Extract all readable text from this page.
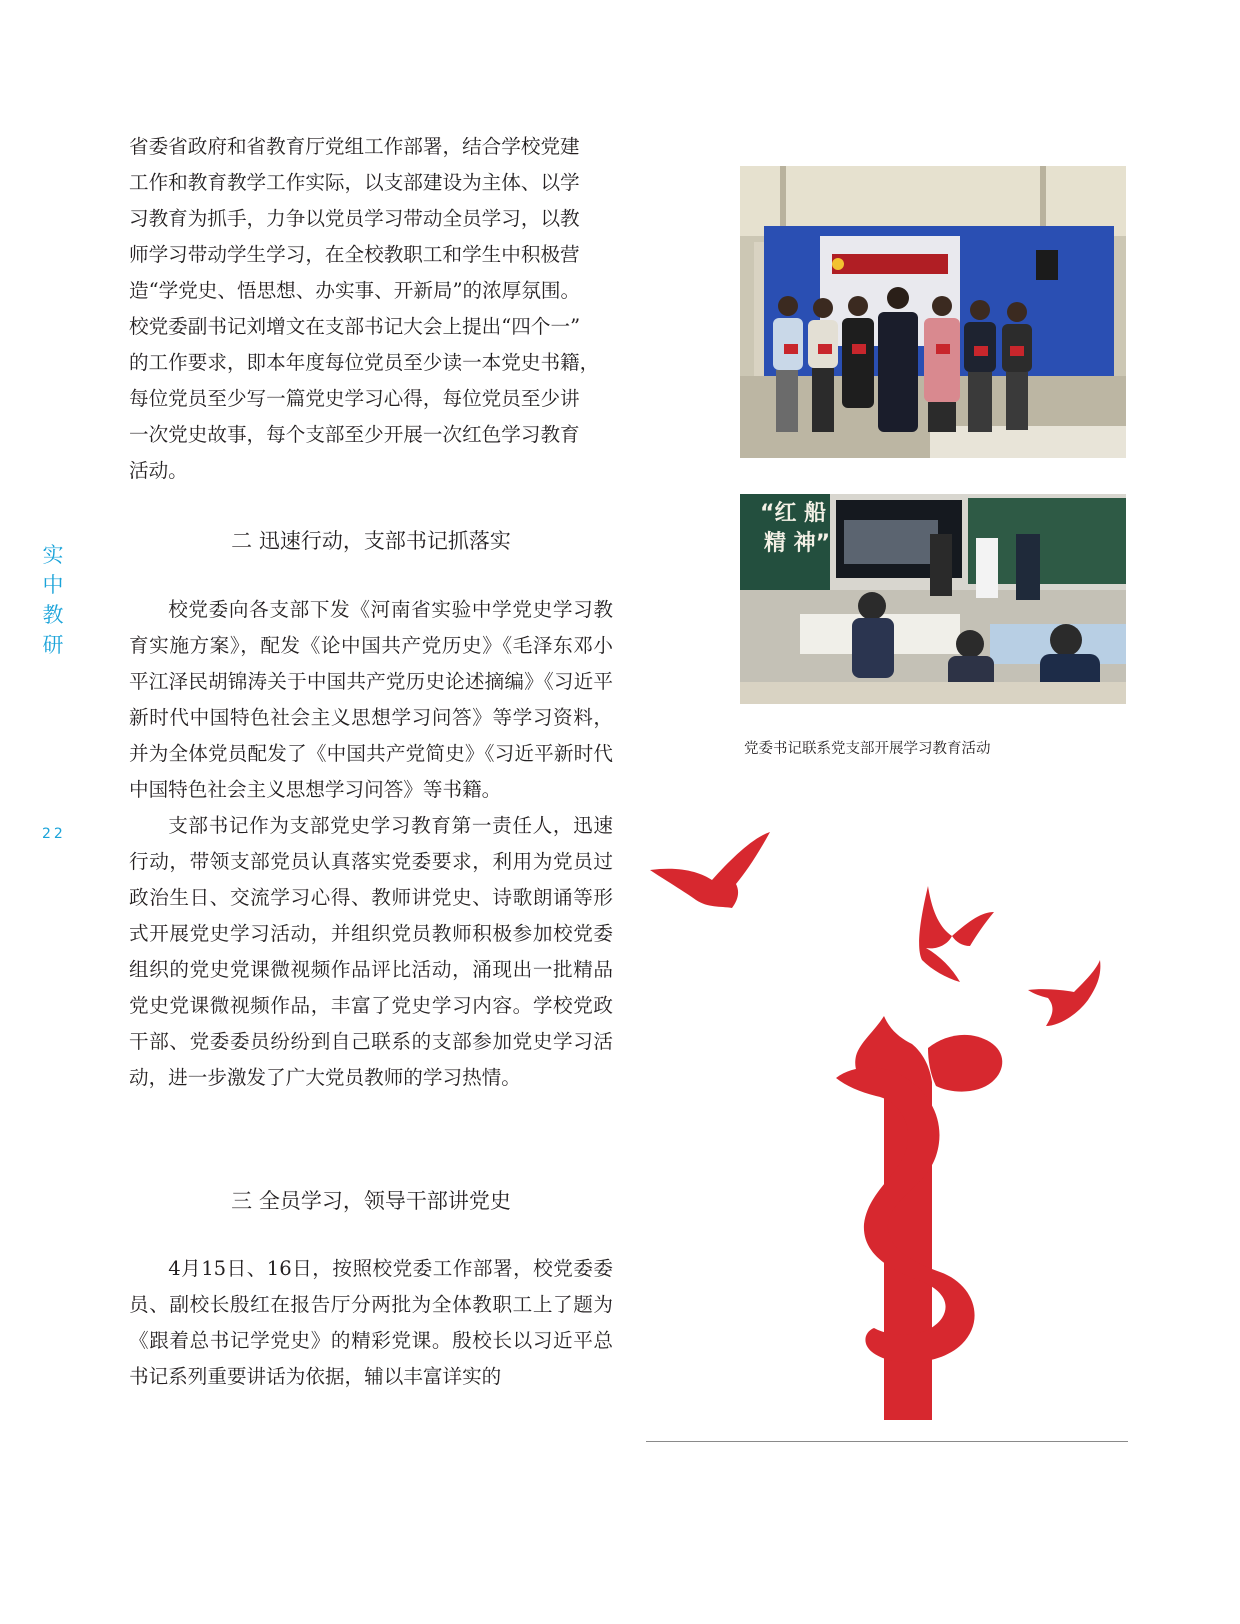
实
中
教
研
22

省委省政府和省教育厅党组工作部署，结合学校党建

工作和教育教学工作实际，以支部建设为主体、以学

习教育为抓手，力争以党员学习带动全员学习，以教

师学习带动学生学习，在全校教职工和学生中积极营

造“学党史、悟思想、办实事、开新局”的浓厚氛围。

校党委副书记刘增文在支部书记大会上提出“四个一”

的工作要求，即本年度每位党员至少读一本党史书籍，

每位党员至少写一篇党史学习心得，每位党员至少讲

一次党史故事，每个支部至少开展一次红色学习教育

活动。

二 迅速行动，支部书记抓落实

校党委向各支部下发《河南省实验中学党史学习教育实施方案》，配发《论中国共产党历史》《毛泽东邓小平江泽民胡锦涛关于中国共产党历史论述摘编》《习近平新时代中国特色社会主义思想学习问答》等学习资料，并为全体党员配发了《中国共产党简史》《习近平新时代中国特色社会主义思想学习问答》等书籍。

支部书记作为支部党史学习教育第一责任人，迅速行动，带领支部党员认真落实党委要求，利用为党员过政治生日、交流学习心得、教师讲党史、诗歌朗诵等形式开展党史学习活动，并组织党员教师积极参加校党委组织的党史党课微视频作品评比活动，涌现出一批精品党史党课微视频作品，丰富了党史学习内容。学校党政干部、党委委员纷纷到自己联系的支部参加党史学习活动，进一步激发了广大党员教师的学习热情。

三 全员学习，领导干部讲党史

4月15日、16日，按照校党委工作部署，校党委委员、副校长殷红在报告厅分两批为全体教职工上了题为《跟着总书记学党史》的精彩党课。殷校长以习近平总书记系列重要讲话为依据，辅以丰富详实的

“红 船
精 神”
党委书记联系党支部开展学习教育活动
